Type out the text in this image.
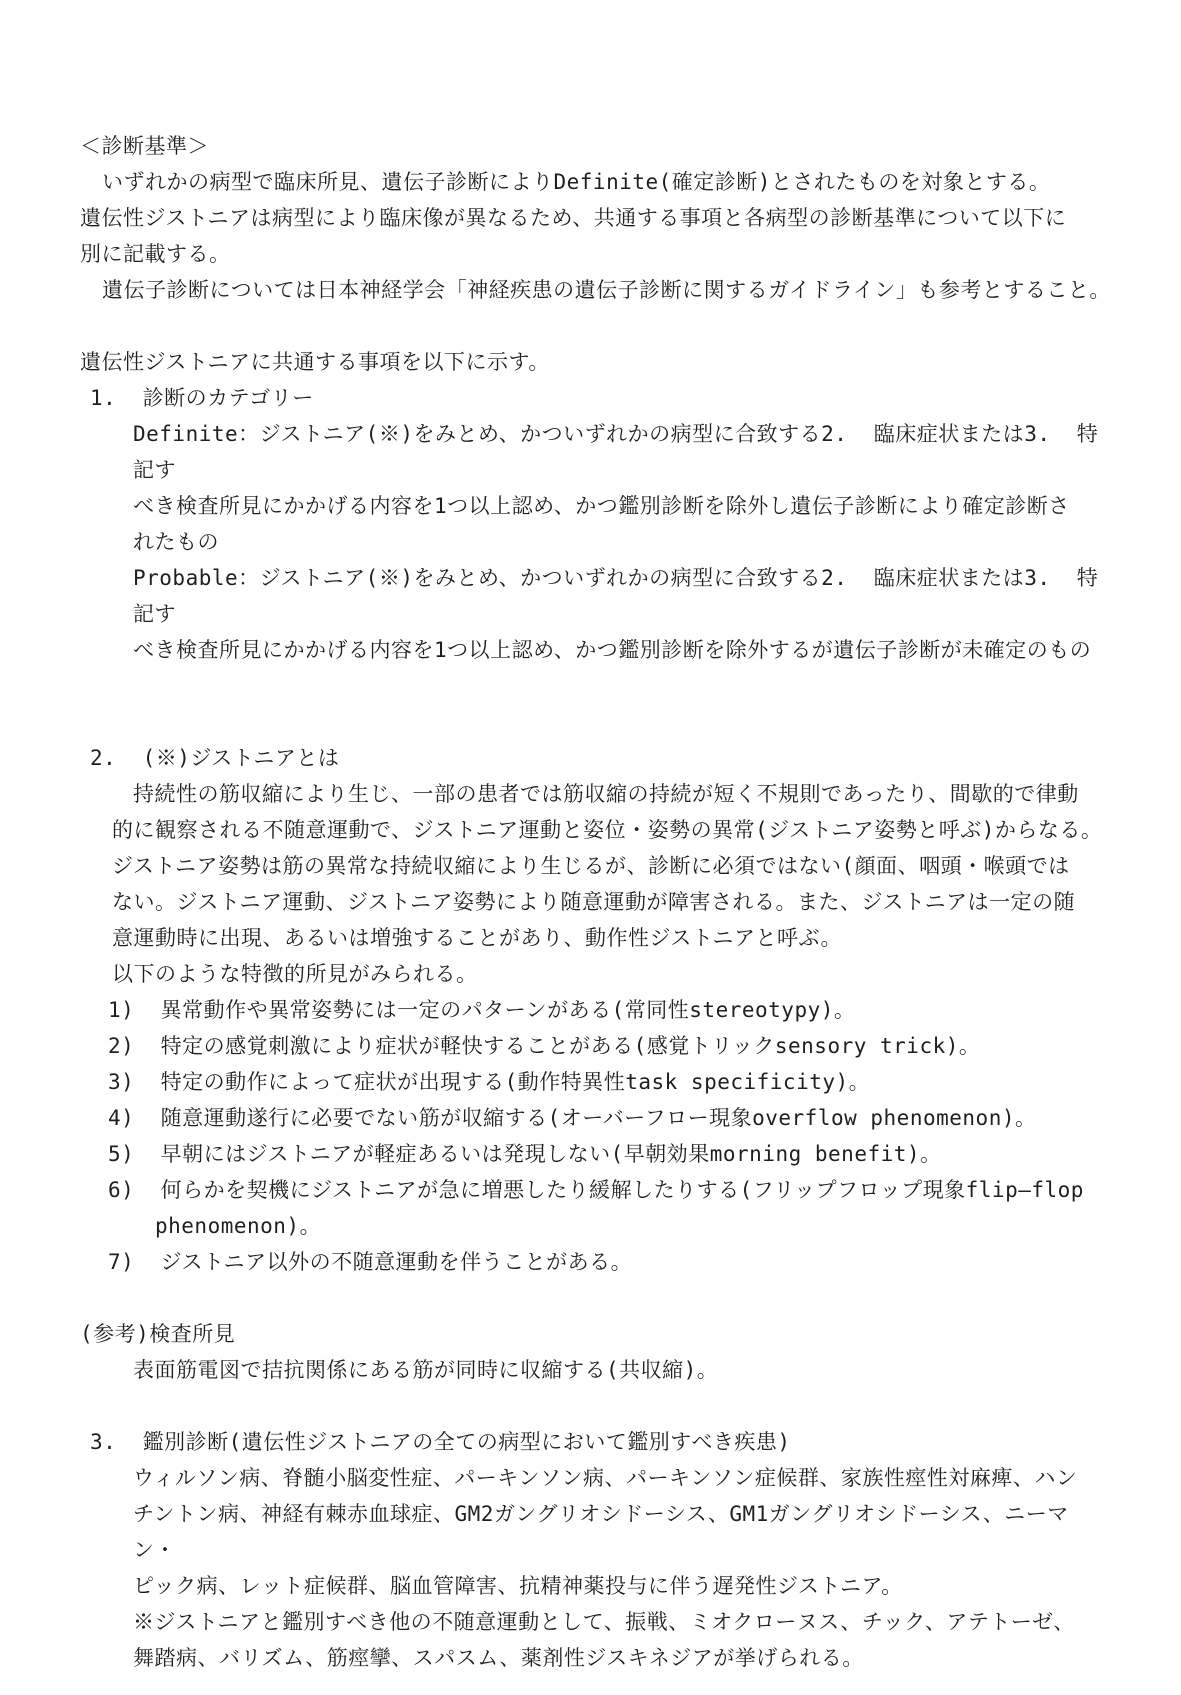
＜診断基準＞
いずれかの病型で臨床所見、遺伝子診断によりDefinite(確定診断)とされたものを対象とする。
遺伝性ジストニアは病型により臨床像が異なるため、共通する事項と各病型の診断基準について以下に
別に記載する。
遺伝子診断については日本神経学会「神経疾患の遺伝子診断に関するガイドライン」も参考とすること。

遺伝性ジストニアに共通する事項を以下に示す。
1.  診断のカテゴリー
Definite：ジストニア(※)をみとめ、かついずれかの病型に合致する2.  臨床症状または3.  特記す
べき検査所見にかかげる内容を1つ以上認め、かつ鑑別診断を除外し遺伝子診断により確定診断さ
れたもの
Probable：ジストニア(※)をみとめ、かついずれかの病型に合致する2.  臨床症状または3.  特記す
べき検査所見にかかげる内容を1つ以上認め、かつ鑑別診断を除外するが遺伝子診断が未確定のもの

2.  (※)ジストニアとは
持続性の筋収縮により生じ、一部の患者では筋収縮の持続が短く不規則であったり、間歇的で律動
的に観察される不随意運動で、ジストニア運動と姿位・姿勢の異常(ジストニア姿勢と呼ぶ)からなる。
ジストニア姿勢は筋の異常な持続収縮により生じるが、診断に必須ではない(顔面、咽頭・喉頭では
ない。ジストニア運動、ジストニア姿勢により随意運動が障害される。また、ジストニアは一定の随
意運動時に出現、あるいは増強することがあり、動作性ジストニアと呼ぶ。
以下のような特徴的所見がみられる。
1)  異常動作や異常姿勢には一定のパターンがある(常同性stereotypy)。
2)  特定の感覚刺激により症状が軽快することがある(感覚トリックsensory trick)。
3)  特定の動作によって症状が出現する(動作特異性task specificity)。
4)  随意運動遂行に必要でない筋が収縮する(オーバーフロー現象overflow phenomenon)。
5)  早朝にはジストニアが軽症あるいは発現しない(早朝効果morning benefit)。
6)  何らかを契機にジストニアが急に増悪したり緩解したりする(フリップフロップ現象flip—flop
phenomenon)。
7)  ジストニア以外の不随意運動を伴うことがある。

(参考)検査所見
表面筋電図で拮抗関係にある筋が同時に収縮する(共収縮)。

3.  鑑別診断(遺伝性ジストニアの全ての病型において鑑別すべき疾患)
ウィルソン病、脊髄小脳変性症、パーキンソン病、パーキンソン症候群、家族性痙性対麻痺、ハン
チントン病、神経有棘赤血球症、GM2ガングリオシドーシス、GM1ガングリオシドーシス、ニーマン・
ピック病、レット症候群、脳血管障害、抗精神薬投与に伴う遅発性ジストニア。
※ジストニアと鑑別すべき他の不随意運動として、振戦、ミオクローヌス、チック、アテトーゼ、
舞踏病、バリズム、筋痙攣、スパスム、薬剤性ジスキネジアが挙げられる。
